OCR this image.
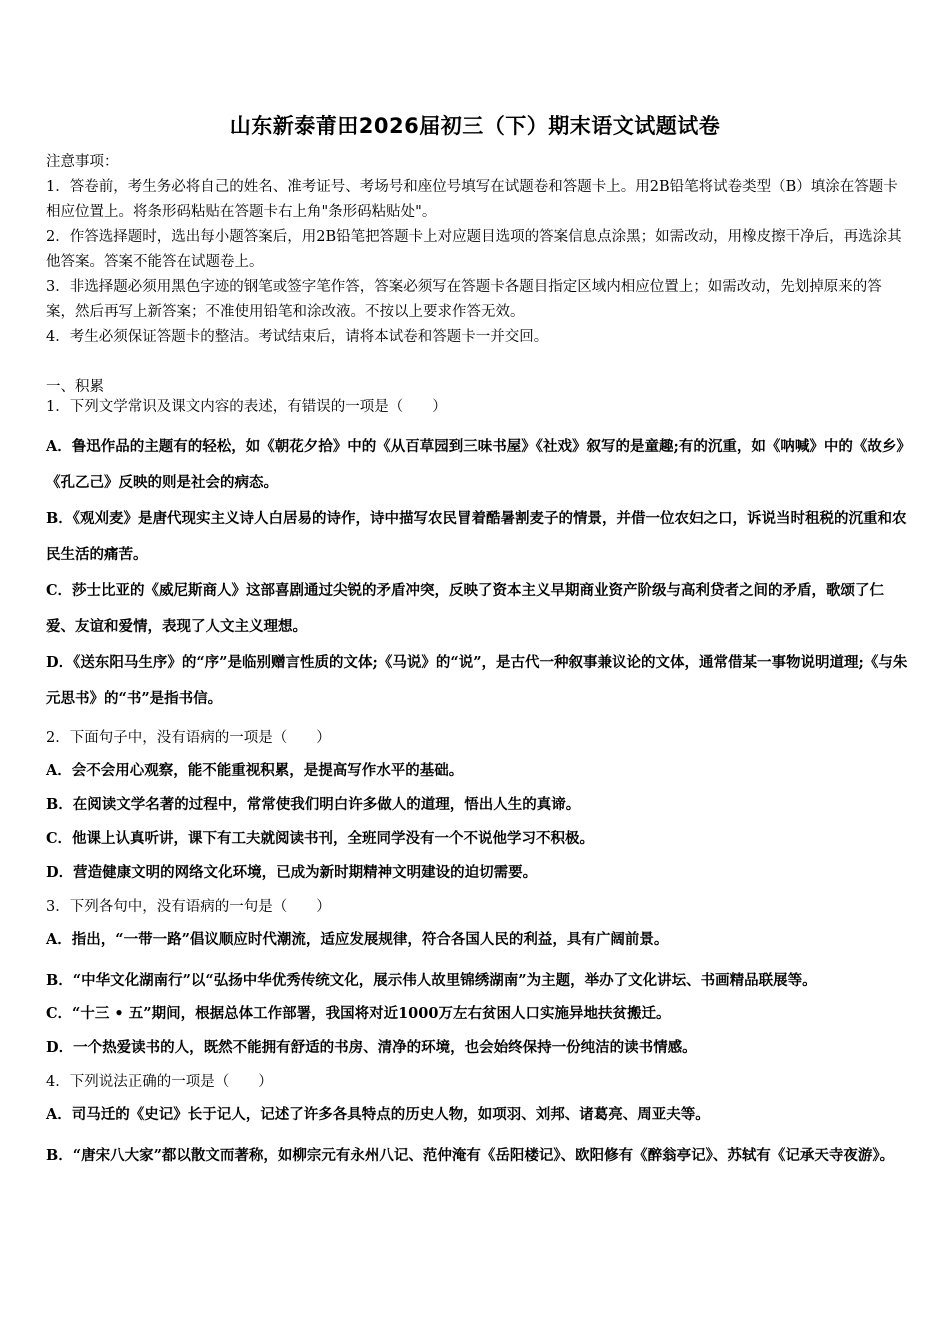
山东新泰莆田2026届初三（下）期末语文试题试卷

注意事项：

1．答卷前，考生务必将自己的姓名、准考证号、考场号和座位号填写在试题卷和答题卡上。用2B铅笔将试卷类型（B）填涂在答题卡相应位置上。将条形码粘贴在答题卡右上角"条形码粘贴处"。

2．作答选择题时，选出每小题答案后，用2B铅笔把答题卡上对应题目选项的答案信息点涂黑；如需改动，用橡皮擦干净后，再选涂其他答案。答案不能答在试题卷上。

3．非选择题必须用黑色字迹的钢笔或签字笔作答，答案必须写在答题卡各题目指定区域内相应位置上；如需改动，先划掉原来的答案，然后再写上新答案；不准使用铅笔和涂改液。不按以上要求作答无效。

4．考生必须保证答题卡的整洁。考试结束后，请将本试卷和答题卡一并交回。

一、积累

1．下列文学常识及课文内容的表述，有错误的一项是（　　）

A．鲁迅作品的主题有的轻松，如《朝花夕拾》中的《从百草园到三味书屋》《社戏》叙写的是童趣;有的沉重，如《呐喊》中的《故乡》《孔乙己》反映的则是社会的病态。

B．《观刈麦》是唐代现实主义诗人白居易的诗作，诗中描写农民冒着酷暑割麦子的情景，并借一位农妇之口，诉说当时租税的沉重和农民生活的痛苦。

C．莎士比亚的《威尼斯商人》这部喜剧通过尖锐的矛盾冲突，反映了资本主义早期商业资产阶级与高利贷者之间的矛盾，歌颂了仁爱、友谊和爱情，表现了人文主义理想。

D．《送东阳马生序》的“序”是临别赠言性质的文体;《马说》的“说”，是古代一种叙事兼议论的文体，通常借某一事物说明道理;《与朱元思书》的“书”是指书信。

2．下面句子中，没有语病的一项是（　　）

A．会不会用心观察，能不能重视积累，是提高写作水平的基础。

B．在阅读文学名著的过程中，常常使我们明白许多做人的道理，悟出人生的真谛。

C．他课上认真听讲，课下有工夫就阅读书刊，全班同学没有一个不说他学习不积极。

D．营造健康文明的网络文化环境，已成为新时期精神文明建设的迫切需要。

3．下列各句中，没有语病的一句是（　　）

A．指出，“一带一路”倡议顺应时代潮流，适应发展规律，符合各国人民的利益，具有广阔前景。

B．“中华文化湖南行”以“弘扬中华优秀传统文化，展示伟人故里锦绣湖南”为主题，举办了文化讲坛、书画精品联展等。

C．“十三 • 五”期间，根据总体工作部署，我国将对近1000万左右贫困人口实施异地扶贫搬迁。

D．一个热爱读书的人，既然不能拥有舒适的书房、清净的环境，也会始终保持一份纯洁的读书情感。

4．下列说法正确的一项是（　　）

A．司马迁的《史记》长于记人，记述了许多各具特点的历史人物，如项羽、刘邦、诸葛亮、周亚夫等。

B．“唐宋八大家”都以散文而著称，如柳宗元有永州八记、范仲淹有《岳阳楼记》、欧阳修有《醉翁亭记》、苏轼有《记承天寺夜游》。
